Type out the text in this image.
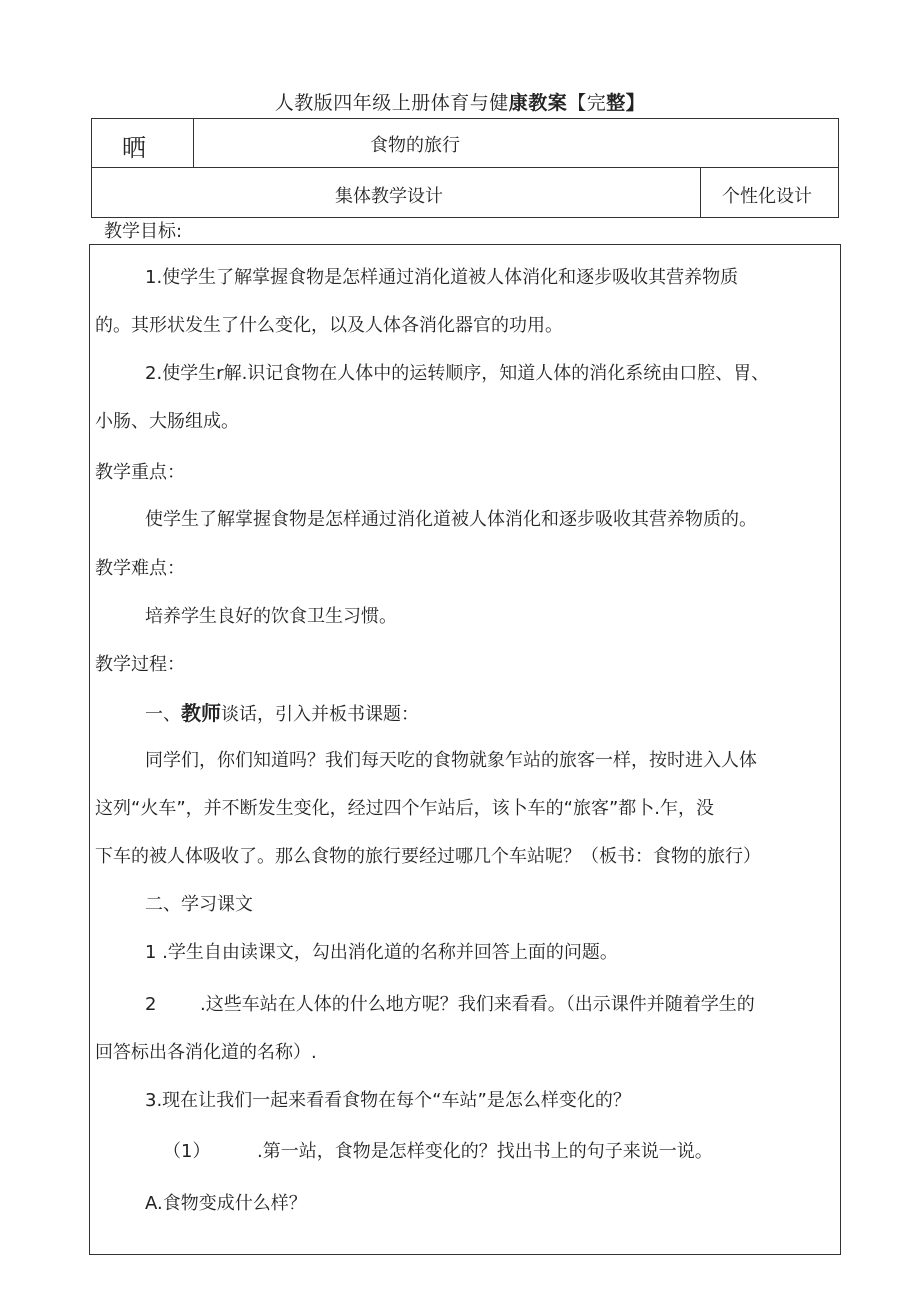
人教版四年级上册体育与健康教案【完整】
晒	食物的旅行
集体教学设计	个性化设计
教学目标:
1.使学生了解掌握食物是怎样通过消化道被人体消化和逐步吸收其营养物质
的。其形状发生了什么变化，以及人体各消化器官的功用。
2.使学生r解.识记食物在人体中的运转顺序，知道人体的消化系统由口腔、胃、
小肠、大肠组成。
教学重点：
使学生了解掌握食物是怎样通过消化道被人体消化和逐步吸收其营养物质的。
教学难点：
培养学生良好的饮食卫生习惯。
教学过程：
一、教师谈话，引入并板书课题：
同学们，你们知道吗？我们每天吃的食物就象乍站的旅客一样，按时进入人体
这列“火车”，并不断发生变化，经过四个乍站后，该卜车的“旅客”都卜.乍，没
下车的被人体吸收了。那么食物的旅行要经过哪几个车站呢？（板书：食物的旅行）
二、学习课文
1 .学生自由读课文，勾出消化道的名称并回答上面的问题。
2 .这些车站在人体的什么地方呢？我们来看看。（出示课件并随着学生的
回答标出各消化道的名称）.
3.现在让我们一起来看看食物在每个“车站”是怎么样变化的？
（1）	.第一站，食物是怎样变化的？找出书上的句子来说一说。
A.食物变成什么样？
